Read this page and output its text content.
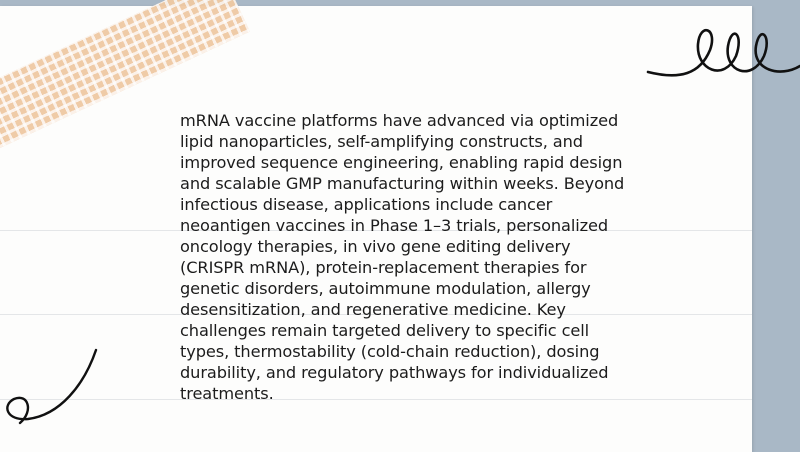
mRNA vaccine platforms have advanced via optimized lipid nanoparticles, self-amplifying constructs, and improved sequence engineering, enabling rapid design and scalable GMP manufacturing within weeks. Beyond infectious disease, applications include cancer neoantigen vaccines in Phase 1–3 trials, personalized oncology therapies, in vivo gene editing delivery (CRISPR mRNA), protein-replacement therapies for genetic disorders, autoimmune modulation, allergy desensitization, and regenerative medicine. Key challenges remain targeted delivery to specific cell types, thermostability (cold-chain reduction), dosing durability, and regulatory pathways for individualized treatments.
